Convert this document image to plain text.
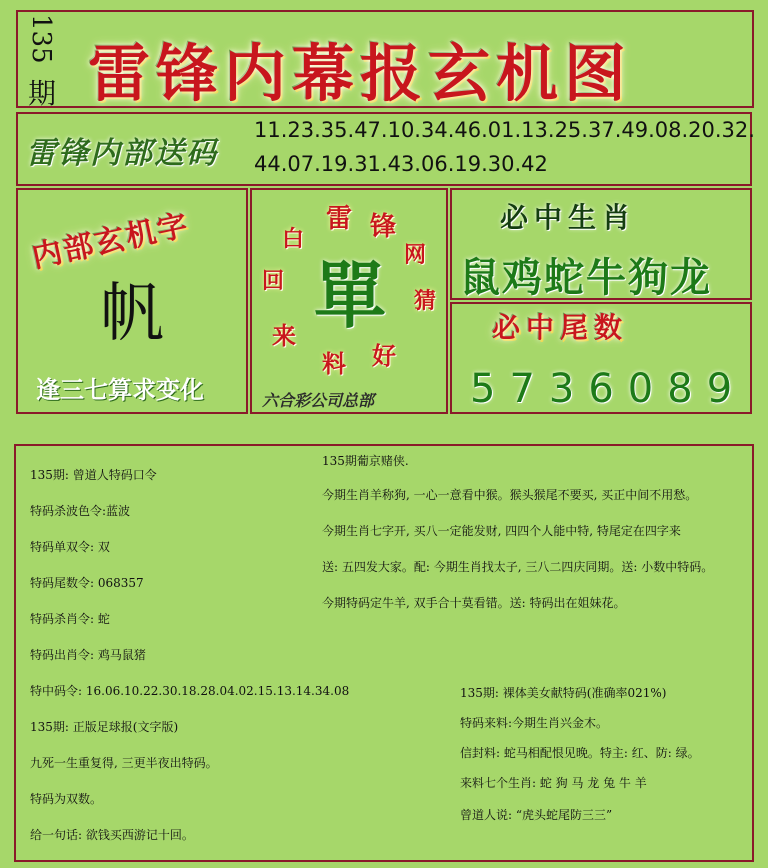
135
期 雷锋内幕报玄机图
雷锋内部送码
11.23.35.47.10.34.46.01.13.25.37.49.08.20.32.
44.07.19.31.43.06.19.30.42
内部玄机字
帆
逢三七算求变化
單
雷 锋
网
猜
好
料
来
回
白
六合彩公司总部
必中生肖
鼠鸡蛇牛狗龙
必中尾数
5736089
135期: 曾道人特码口令
特码杀波色令:蓝波
特码单双令: 双
特码尾数令: 068357
特码杀肖令: 蛇
特码出肖令: 鸡马鼠猪
特中码令: 16.06.10.22.30.18.28.04.02.15.13.14.34.08
135期: 正版足球报(文字版)
九死一生重复得, 三更半夜出特码。
特码为双数。
给一句话: 欲钱买西游记十回。
135期葡京赌侠.
今期生肖羊称狗, 一心一意看中猴。猴头猴尾不要买, 买正中间不用愁。
今期生肖七字开, 买八一定能发财, 四四个人能中特, 特尾定在四字来
送: 五四发大家。配: 今期生肖找太子, 三八二四庆同期。送: 小数中特码。
今期特码定牛羊, 双手合十莫看错。送: 特码出在姐妹花。
135期: 裸体美女献特码(准确率021%)
特码来料:今期生肖兴金木。
信封料: 蛇马相配恨见晚。特主: 红、防: 绿。
来料七个生肖: 蛇 狗 马 龙 兔 牛 羊
曾道人说: “虎头蛇尾防三三”
